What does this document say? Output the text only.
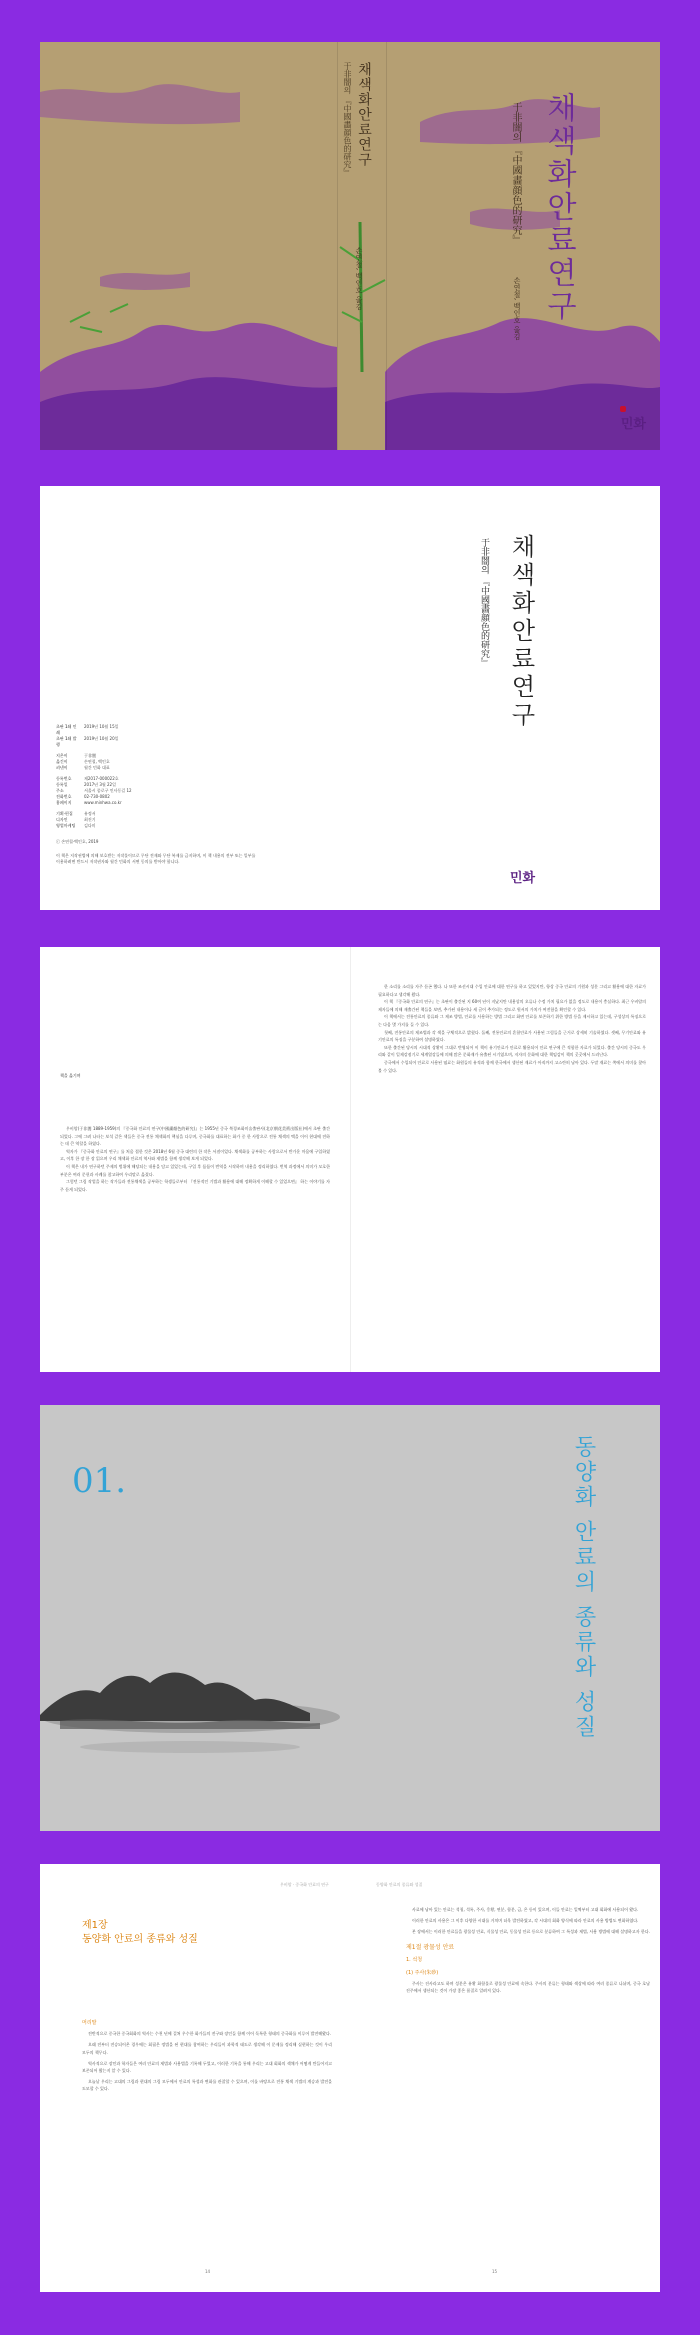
于非闇의 『中國畵顔色的研究』 채색화안료연구
손연철, 백인호 옮김	채색화안료연구
于非闇의 『中國畵顔色的研究』
손연철, 백인호 옮김
민화
채색화안료연구
于非闇의 『中國畵顔色的研究』
초판 1쇄 인쇄
2019년 10월 15일
초판 1쇄 발행
2019년 10월 20일
지은이	于非闇
옮긴이	손연철, 백인호
펴낸이	월간 민화 대표
등록번호	제2017-000022호
등록일	2017년 3월 22일
주소	서울시 종로구 인사동길 12
전화번호	02-730-0802
홈페이지	www.minhwa.co.kr
기획·편집	유정서
디자인	최진기
영업마케팅	김다미
ⓒ 손연철·백인호, 2019
이 책은 저작권법에 의해 보호받는 저작물이므로 무단 전재와 무단 복제를 금지하며, 이 책 내용의 전부 또는 일부를 이용하려면 반드시 저작권자와 월간 민화의 서면 동의를 받아야 합니다.
민화
책을 옮기며

우비암(于非闇 1889-1959)의 『중국화 안료의 연구(中國畵顔色的研究)』는 1955년 중국 북경조화미술출판사(北京朝花美術出版社)에서 초판 출간되었다. 그에 그려 나타는 보석 같은 색들은 중국 전통 채색화의 핵심을 다루며, 중국화를 대표하는 화가 중 한 사람으로 전통 채색의 맥을 이어 현대에 전하는 데 큰 역할을 하였다.

역자가 『중국화 안료의 연구』를 처음 접한 것은 2018년 6월 중국 대련의 한 작은 서점이었다. 채색화를 공부하는 사람으로서 반가운 마음에 구입하였고, 이후 한 장 한 장 읽으며 우리 채색화 안료의 역사와 제법을 함께 생각해 보게 되었다.

이 책은 내가 연구하던 주제의 범위에 해당되는 내용을 담고 있었는데, 구입 후 틈틈이 번역을 시작하며 내용을 정리하였다. 번역 과정에서 의미가 모호한 부분은 여러 문헌과 사례를 참고하여 우리말로 옮겼다.

그렇던 그림 작업을 하는 작가들과 전통채색을 공부하는 학생들로부터 『전통적인 기법과 활용에 대해 정확하게 이해할 수 있었으면』 하는 이야기를 자주 듣게 되었다.

한 소리를 소리를 자주 듣곤 했다. 나 또한 조선시대 수입 안료에 대한 연구를 하고 있었지만, 항상 중국 안료의 기원과 성분 그리고 활용에 대한 자료가 필요하다고 생각해 왔다.

이 책 『중국화 안료의 연구』는 초판이 출간된 지 60여 년이 지났지만 내용상의 오류나 수정 가치 필요가 없을 정도로 내용이 충실하다. 최근 우비암의 제자들에 의해 재출간된 책들을 보면, 추가된 내용이나 새 글이 추가되는 정도로 원서의 가치가 여전함을 확인할 수 있다.

이 책에서는 전통안료의 종류와 그 제조 방법, 안료를 사용하는 방법 그리고 화면 안료를 보존하기 위한 방법 등을 제시하고 있는데, 구성상의 특징으로는 다음 몇 가지를 들 수 있다.

첫째, 전통안료의 제조법과 각 색을 구체적으로 밝혔다. 둘째, 전통안료의 혼합안료가 사용된 그림들을 근거로 상세히 기술하였다. 셋째, 무기안료와 유기안료의 특징을 구분하여 설명하였다.

또한 출간된 당시의 시대적 상황이 그대로 반영되어 이 책이 유기안료가 안료로 활용되어 안료 연구에 큰 적합한 자료가 되었다. 출간 당시의 중국도 우리와 같이 일제강점기로 세계열강들에 의해 많은 문화재가 유출된 시기였으며, 저자의 문화에 대한 책임감이 책의 곳곳에서 드러난다.

중국에서 수입되어 안료로 사용된 염료는 화원들의 유적과 함께 한국에서 생산된 재료가 아직까지 고스란히 남아 있다. 두말 재료는 쪽에서 의미를 찾아볼 수 있다.

01.	동양화 안료의 종류와 성질
우비암 · 중국화 안료의 연구	동양화 안료의 종류와 성질
제1장
동양화 안료의 종류와 성질
머리말

전반적으로 중국한 중국회화의 역사는 수천 년에 걸쳐 우수한 화가들의 전구와 장인들 함께 이어 독특한 형태의 중국화를 이루어 발전해왔다.

오래 전부터 전승되어온 경우에는 회필은 정법을 된 현대를 참여하는 우리들이 과학적 태도로 생각해 이 문제를 정리해 실현하는 것이 우리 모두의 책무다.

역사적으로 장인과 학자들은 여러 안료의 제법과 사용법을 기록해 두었고, 이러한 기록을 통해 우리는 고대 회화의 색채가 어떻게 만들어지고 보존되어 왔는지 알 수 있다.

오늘날 우리는 고대의 그림과 현대의 그림 모두에서 안료의 특성과 변화를 관찰할 수 있으며, 이를 바탕으로 전통 채색 기법의 계승과 발전을 도모할 수 있다.

사료에 남아 있는 안료는 석청, 석록, 주사, 웅황, 연분, 합분, 금, 은 등이 있으며, 이들 안료는 일찍부터 고대 회화에 사용되어 왔다.

이러한 안료의 사용은 그 이후 다양한 시대를 거치며 더욱 발전하였고, 각 시대의 회화 양식에 따라 안료의 사용 방법도 변화하였다.

본 장에서는 이러한 안료들을 광물성 안료, 식물성 안료, 동물성 안료 등으로 분류하여 그 특성과 제법, 사용 방법에 대해 설명하고자 한다.

제1절 광물성 안료
1. 석청
(1) 주사(朱砂)

주사는 진사라고도 하며 성분은 유황 화합물로 광물성 안료에 속한다. 주사의 분류는 형태와 색상에 따라 여러 종류로 나뉘며, 중국 호남 진주에서 생산되는 것이 가장 좋은 품질로 알려져 있다.

14	15
